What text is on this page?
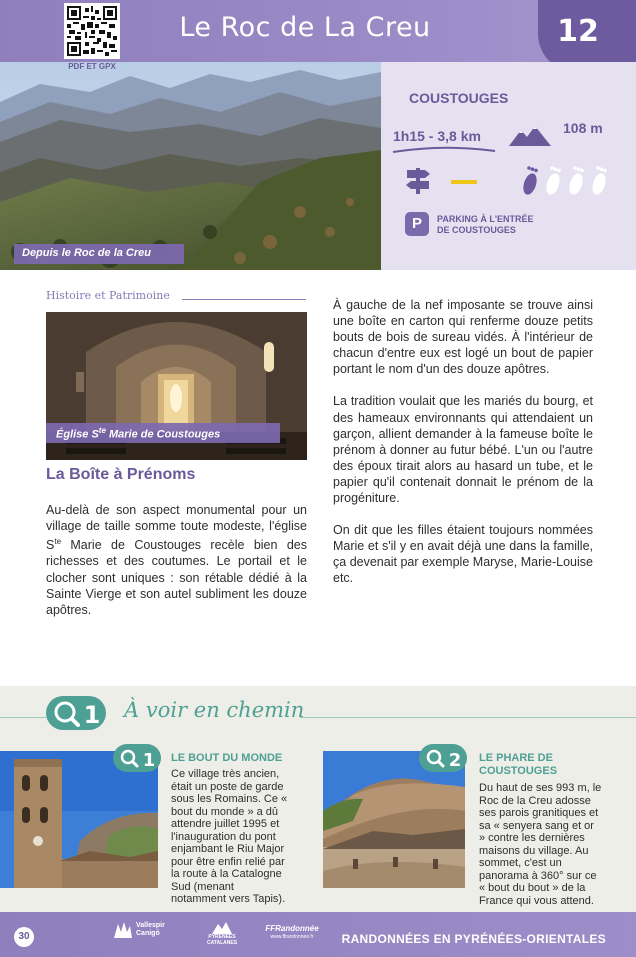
PDF ET GPX
Le Roc de La Creu	12
Depuis le Roc de la Creu
COUSTOUGES
1h15 - 3,8 km	108 m
P	PARKING À L'ENTRÉE
DE COUSTOUGES
Histoire et Patrimoine
Église $S^{te}$ Marie de Coustouges
La Boîte à Prénoms
Au-delà de son aspect monumental pour un village de taille somme toute modeste, l'église $S^{te}$ Marie de Coustouges recèle bien des richesses et des coutumes. Le portail et le clocher sont uniques : son rétable dédié à la Sainte Vierge et son autel subliment les douze apôtres.

À gauche de la nef imposante se trouve ainsi une boîte en carton qui renferme douze petits bouts de bois de sureau vidés. À l'intérieur de chacun d'entre eux est logé un bout de papier portant le nom d'un des douze apôtres.

La tradition voulait que les mariés du bourg, et des hameaux environnants qui attendaient un garçon, allient demander à la fameuse boîte le prénom à donner au futur bébé. L'un ou l'autre des époux tirait alors au hasard un tube, et le papier qu'il contenait donnait le prénom de la progéniture.

On dit que les filles étaient toujours nommées Marie et s'il y en avait déjà une dans la famille, ça devenait par exemple Maryse, Marie-Louise etc.

1 À voir en chemin
1 LE BOUT DU MONDE
Ce village très ancien, était un poste de garde sous les Romains. Ce « bout du monde » a dû attendre juillet 1995 et l'inauguration du pont enjambant le Riu Major pour être enfin relié par la route à la Catalogne Sud (menant notamment vers Tapis).
2 LE PHARE DE
COUSTOUGES
Du haut de ses 993 m, le Roc de la Creu adosse ses parois granitiques et sa « senyera sang et or » contre les dernières maisons du village. Au sommet, c'est un panorama à 360° sur ce « bout du bout » de la France qui vous attend.
30
Vallespir
Canigó	PYRÉNÉES
CATALANES
FFRandonnée
www.ffrandonnee.fr	RANDONNÉES EN PYRÉNÉES-ORIENTALES
